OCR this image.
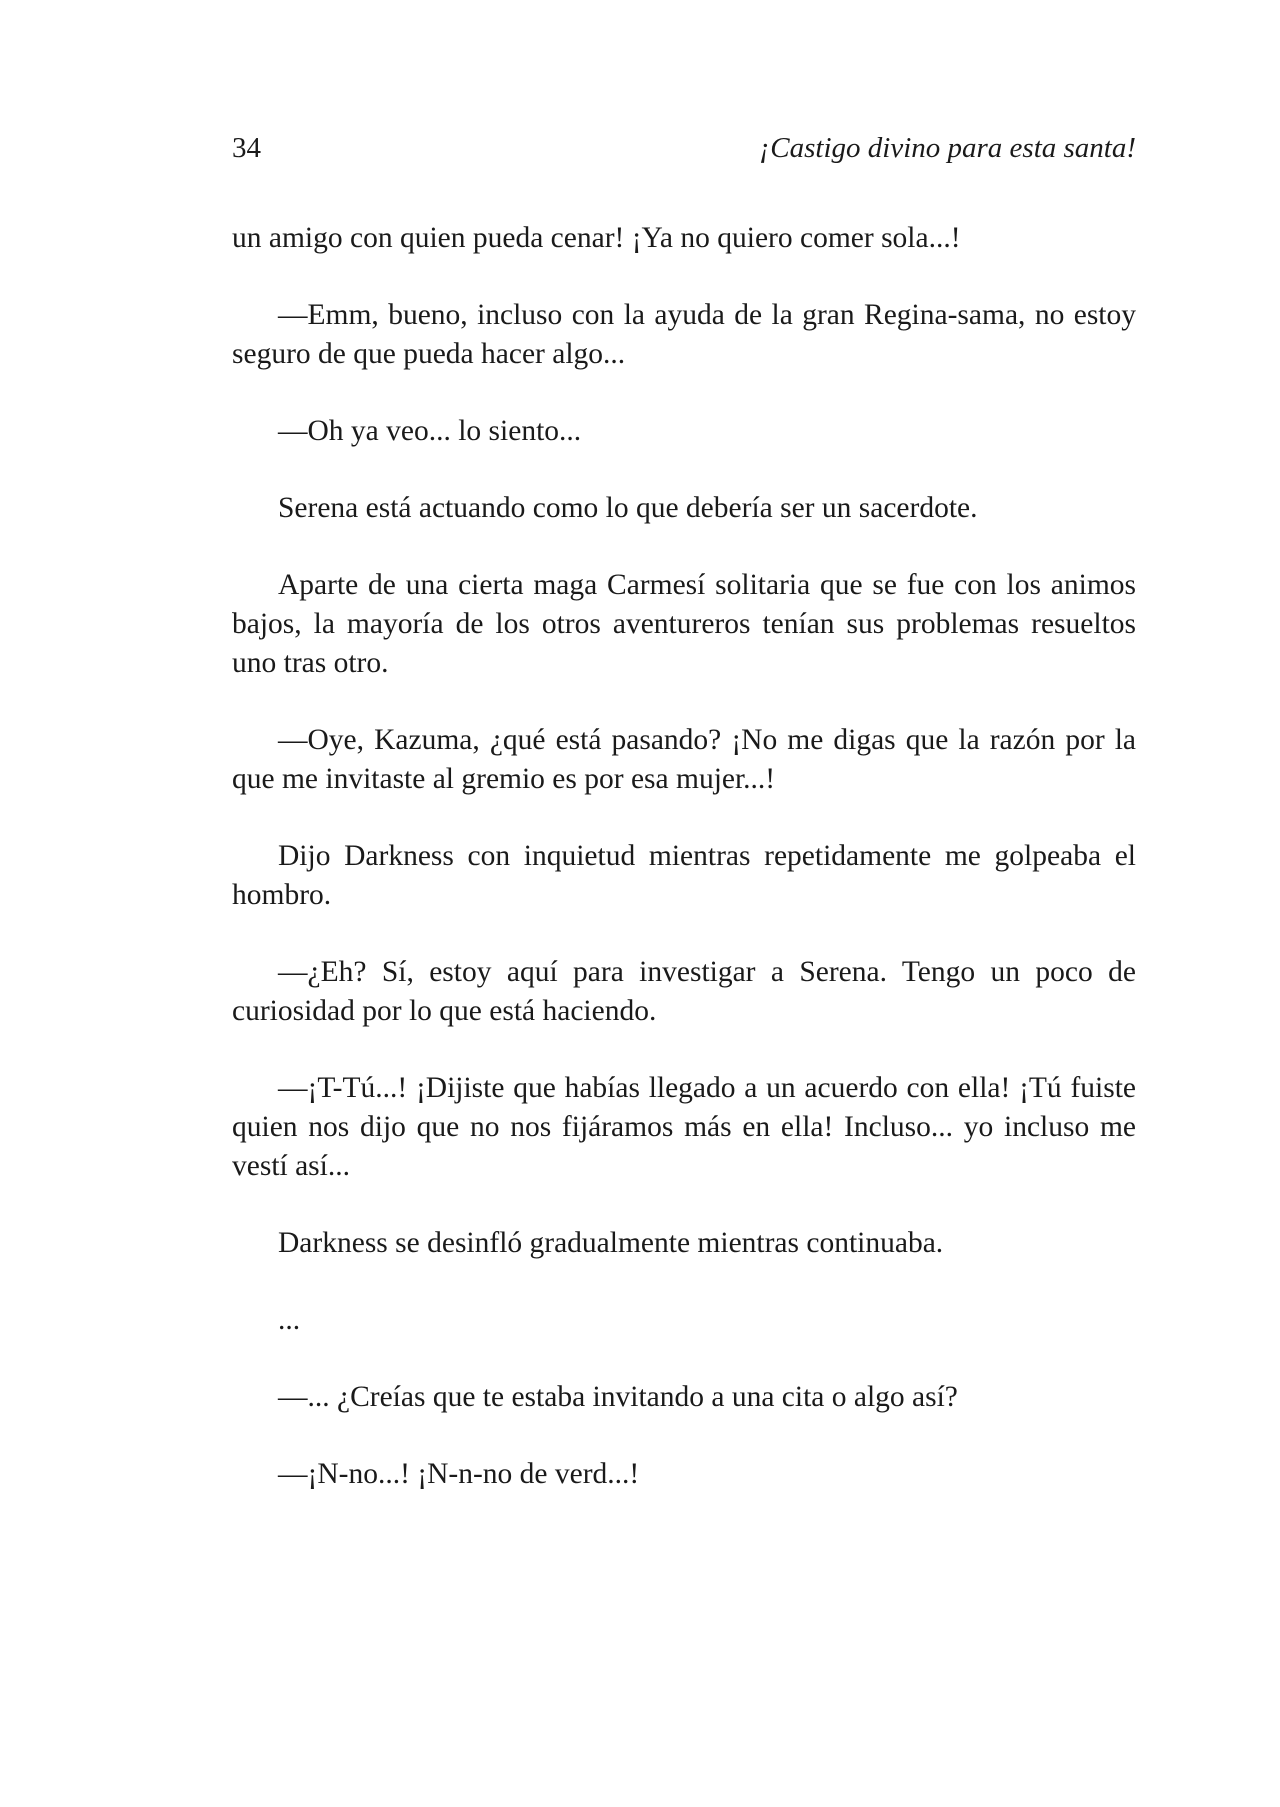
34	¡Castigo divino para esta santa!

un amigo con quien pueda cenar! ¡Ya no quiero comer sola...!

—Emm, bueno, incluso con la ayuda de la gran Regina-sama, no estoy seguro de que pueda hacer algo...

—Oh ya veo... lo siento...

Serena está actuando como lo que debería ser un sacerdote.

Aparte de una cierta maga Carmesí solitaria que se fue con los animos bajos, la mayoría de los otros aventureros tenían sus problemas resueltos uno tras otro.

—Oye, Kazuma, ¿qué está pasando? ¡No me digas que la razón por la que me invitaste al gremio es por esa mujer...!

Dijo Darkness con inquietud mientras repetidamente me golpeaba el hombro.

—¿Eh? Sí, estoy aquí para investigar a Serena. Tengo un poco de curiosidad por lo que está haciendo.

—¡T-Tú...! ¡Dijiste que habías llegado a un acuerdo con ella! ¡Tú fuiste quien nos dijo que no nos fijáramos más en ella! Incluso... yo incluso me vestí así...

Darkness se desinfló gradualmente mientras continuaba.

...

—... ¿Creías que te estaba invitando a una cita o algo así?

—¡N-no...! ¡N-n-no de verd...!
